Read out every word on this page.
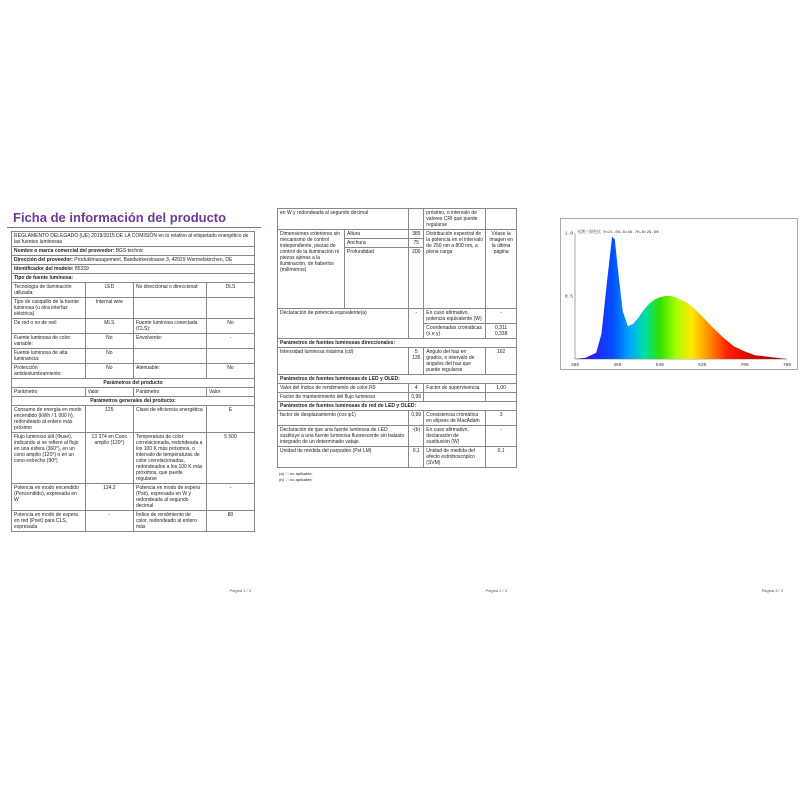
Ficha de información del producto
REGLAMENTO DELEGADO (UE) 2019/2015 DE LA COMISIÓN en lo relativo al etiquetado energético de las fuentes luminosas			
Nombre o marca comercial del proveedor: BGS technic			
Dirección del proveedor: Produktmanagement, Bandwirkerstrasse 3, 42929 Wermelskirchen, DE			
Identificador del modelo: 85339			
Tipo de fuente luminosa:			
Tecnología de iluminación utilizada:	LED	No direccional o direccional:	DLS
Tipo de casquillo de la fuente luminosa (u otra interfaz eléctrica)	Internal wire		
De red o no de red:	MLS	Fuente luminosa conectada (CLS):	No
Fuente luminosa de color variable:	No	Envolvente:	-
Fuente luminosa de alta luminancia:	No		
Protección antideslumbramiento:	No	Atenuable:	No
Parámetros del producto			
Parámetro	Valor	Parámetro	Valor
Parámetros generales del producto:			
Consumo de energía en modo encendido (kWh / 1 000 h), redondeado al entero más próximo	125	Clase de eficiencia energética	E
Flujo luminoso útil (Φuse), indicando si se refiere al flujo en una esfera (360°), en un cono amplio (120°) o en un cono estrecho (90°)	13 374 en Cono amplio (120°)	Temperatura de color correlacionada, redondeada a los 100 K más próximos, o intervalo de temperaturas de color correlacionadas, redondeados a los 100 K más próximos, que puede regularse	5 500
Potencia en modo encendido (Pencendido), expresada en W	124,2	Potencia en modo de espera (Psb), expresada en W y redondeada al segundo decimal	-
Potencia en modo de espera en red (Pnet) para CLS, expresada	-	Índice de rendimiento de color, redondeado al entero más	80
Página 1 / 3
en W y redondeada al segundo decimal			próximo, o intervalo de valores CRI que puede regularse	
Dimensiones exteriores sin mecanismo de control independiente, piezas de control de la iluminación ni piezas ajenas a la iluminación, de haberlos (milímetros)	Altura	385	Distribución espectral de la potencia en el intervalo de 250 nm a 800 nm, a plena carga	Véase la imagen en la última página
	Anchura	75		
	Profundidad	200		
Declaración de potencia equivalente(a)		-	En caso afirmativo, potencia equivalente (W)	-
			Coordenadas cromáticas (x e y)	0,311
0,338
Parámetros de fuentes luminosas direccionales:				
Intensidad luminosa máxima (cd)		5 135	Ángulo del haz en grados, o intervalo de ángulos del haz que puede regularse	102
Parámetros de fuentes luminosas de LED y OLED:				
Valor del índice de rendimiento de color R9		4	Factor de supervivencia	1,00
Factor de mantenimiento del flujo luminoso		0,99		
Parámetros de fuentes luminosas de red de LED y OLED:				
factor de desplazamiento (cos φ1)		0,99	Consistencia cromática en elipses de MacAdam	3
Declaración de que una fuente luminosa de LED sustituye a una fuente luminosa fluorescente sin balasto integrado de un determinado vataje.		-(b)	En caso afirmativo, declaración de sustitución (W)	-
Unidad de medida del parpadeo (Pst LM)		0,1	Unidad de medida del efecto estroboscópico (SVM)	0,1
(a) '-': no aplicable;
(b) '-': no aplicable;
Página 2 / 3
380	460	540	620	700	780
1.0
0.5
光谱三原色比 R=21.5%,G=48.7%,B=29.8%
Página 3 / 3
